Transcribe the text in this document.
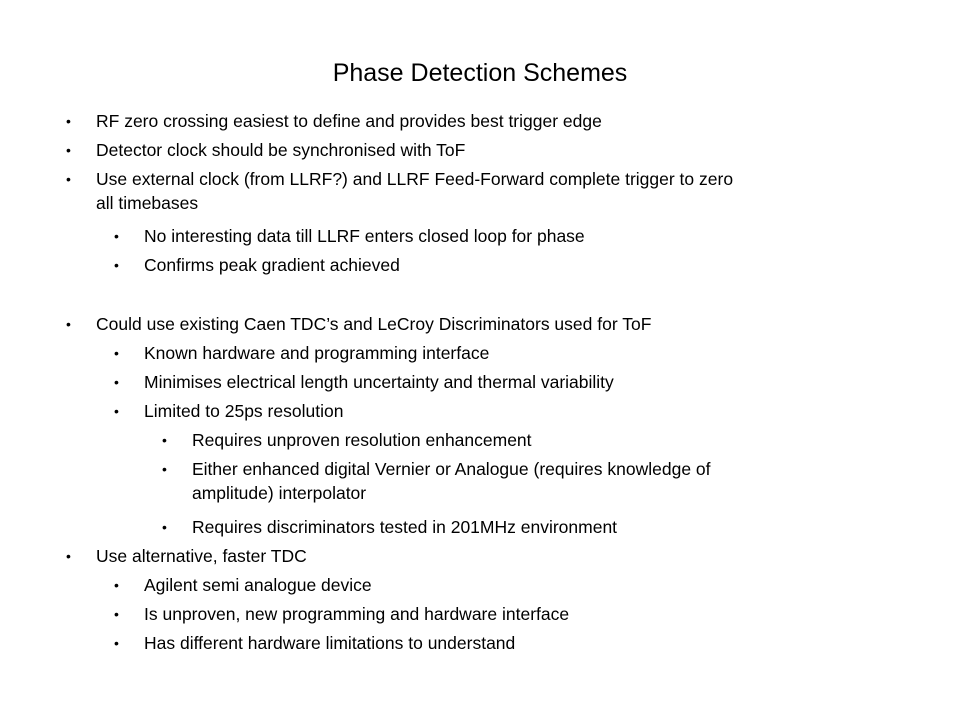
Phase Detection Schemes
• RF zero crossing easiest to define and provides best trigger edge
• Detector clock should be synchronised with ToF
• Use external clock (from LLRF?) and LLRF Feed-Forward complete trigger to zero
all timebases
• No interesting data till LLRF enters closed loop for phase
• Confirms peak gradient achieved
• Could use existing Caen TDC’s and LeCroy Discriminators used for ToF
• Known hardware and programming interface
• Minimises electrical length uncertainty and thermal variability
• Limited to 25ps resolution
• Requires unproven resolution enhancement
• Either enhanced digital Vernier or Analogue (requires knowledge of
amplitude) interpolator
• Requires discriminators tested in 201MHz environment
• Use alternative, faster TDC
• Agilent semi analogue device
• Is unproven, new programming and hardware interface
• Has different hardware limitations to understand
